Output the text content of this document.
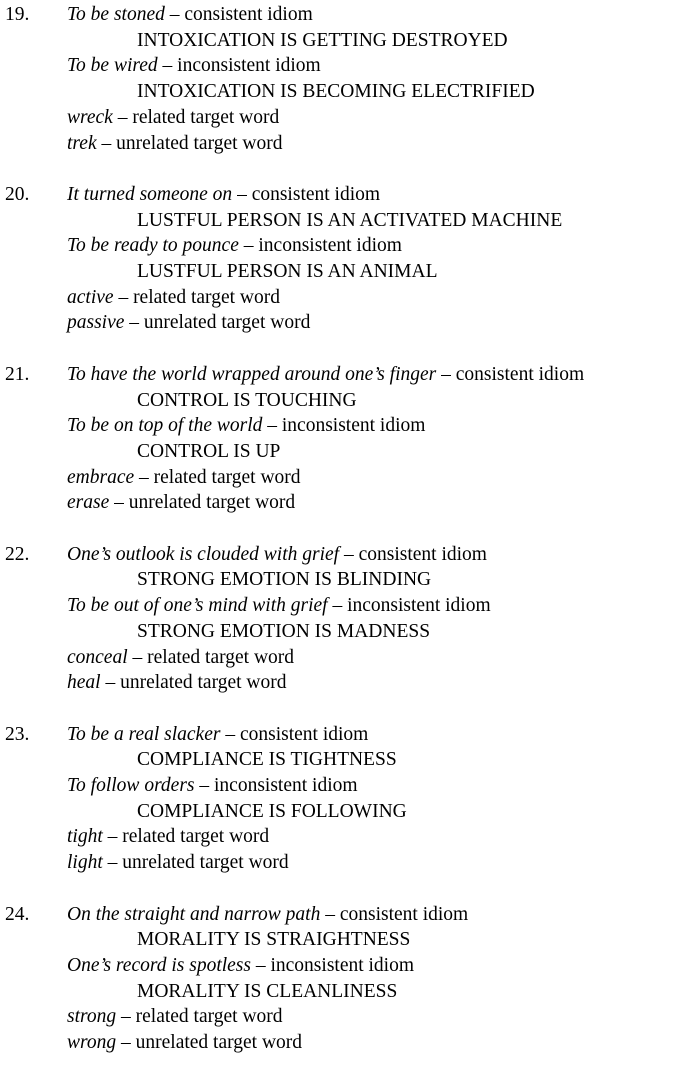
19.	To be stoned – consistent idiom
INTOXICATION IS GETTING DESTROYED
To be wired – inconsistent idiom
INTOXICATION IS BECOMING ELECTRIFIED
wreck – related target word
trek – unrelated target word
20.	It turned someone on – consistent idiom
LUSTFUL PERSON IS AN ACTIVATED MACHINE
To be ready to pounce – inconsistent idiom
LUSTFUL PERSON IS AN ANIMAL
active – related target word
passive – unrelated target word
21.	To have the world wrapped around one’s finger – consistent idiom
CONTROL IS TOUCHING
To be on top of the world – inconsistent idiom
CONTROL IS UP
embrace – related target word
erase – unrelated target word
22.	One’s outlook is clouded with grief – consistent idiom
STRONG EMOTION IS BLINDING
To be out of one’s mind with grief – inconsistent idiom
STRONG EMOTION IS MADNESS
conceal – related target word
heal – unrelated target word
23.	To be a real slacker – consistent idiom
COMPLIANCE IS TIGHTNESS
To follow orders – inconsistent idiom
COMPLIANCE IS FOLLOWING
tight – related target word
light – unrelated target word
24.	On the straight and narrow path – consistent idiom
MORALITY IS STRAIGHTNESS
One’s record is spotless – inconsistent idiom
MORALITY IS CLEANLINESS
strong – related target word
wrong – unrelated target word
